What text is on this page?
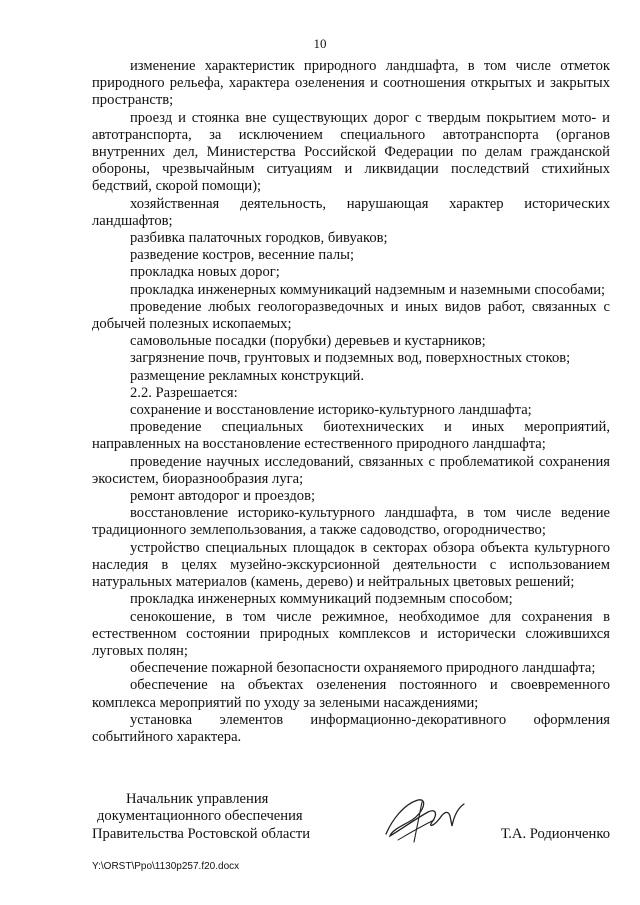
10

изменение характеристик природного ландшафта, в том числе отметок природного рельефа, характера озеленения и соотношения открытых и закрытых пространств;

проезд и стоянка вне существующих дорог с твердым покрытием мото- и автотранспорта, за исключением специального автотранспорта (органов внутренних дел, Министерства Российской Федерации по делам гражданской обороны, чрезвычайным ситуациям и ликвидации последствий стихийных бедствий, скорой помощи);

хозяйственная деятельность, нарушающая характер исторических ландшафтов;

разбивка палаточных городков, бивуаков;

разведение костров, весенние палы;

прокладка новых дорог;

прокладка инженерных коммуникаций надземным и наземными способами;

проведение любых геологоразведочных и иных видов работ, связанных с добычей полезных ископаемых;

самовольные посадки (порубки) деревьев и кустарников;

загрязнение почв, грунтовых и подземных вод, поверхностных стоков;

размещение рекламных конструкций.

2.2. Разрешается:

сохранение и восстановление историко-культурного ландшафта;

проведение специальных биотехнических и иных мероприятий, направленных на восстановление естественного природного ландшафта;

проведение научных исследований, связанных с проблематикой сохранения экосистем, биоразнообразия луга;

ремонт автодорог и проездов;

восстановление историко-культурного ландшафта, в том числе ведение традиционного землепользования, а также садоводство, огородничество;

устройство специальных площадок в секторах обзора объекта культурного наследия в целях музейно-экскурсионной деятельности с использованием натуральных материалов (камень, дерево) и нейтральных цветовых решений;

прокладка инженерных коммуникаций подземным способом;

сенокошение, в том числе режимное, необходимое для сохранения в естественном состоянии природных комплексов и исторически сложившихся луговых полян;

обеспечение пожарной безопасности охраняемого природного ландшафта;

обеспечение на объектах озеленения постоянного и своевременного комплекса мероприятий по уходу за зелеными насаждениями;

установка элементов информационно-декоративного оформления событийного характера.

Начальник управления
документационного обеспечения
Правительства Ростовской области	Т.А. Родионченко
Y:\ORST\Ppo\1130p257.f20.docx
